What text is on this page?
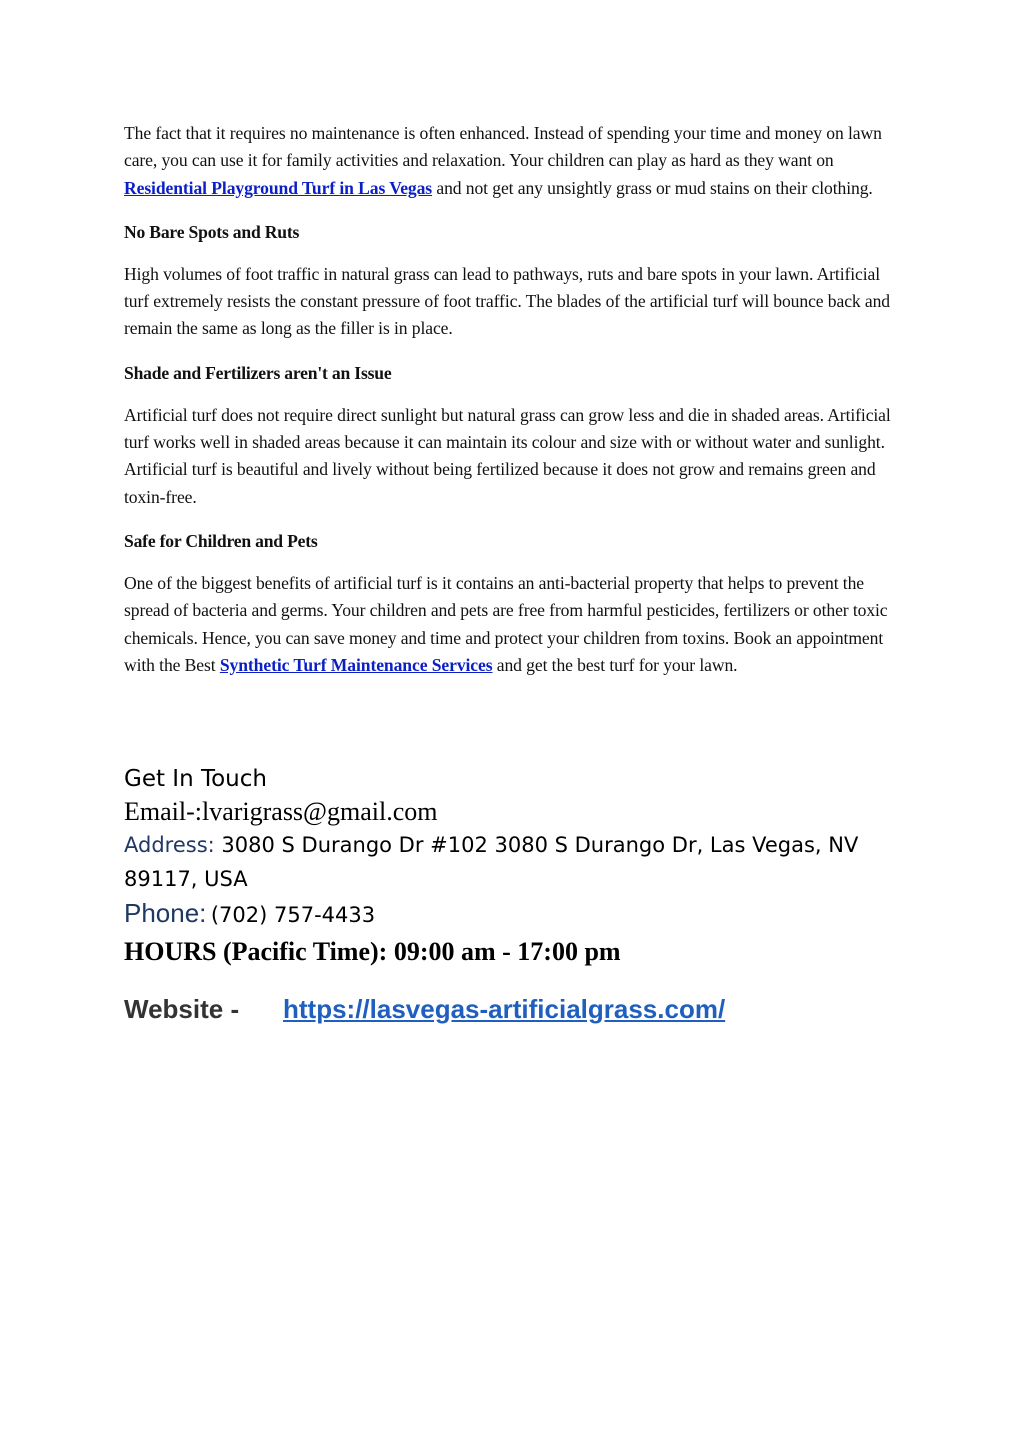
The fact that it requires no maintenance is often enhanced. Instead of spending your time and money on lawn care, you can use it for family activities and relaxation. Your children can play as hard as they want on Residential Playground Turf in Las Vegas and not get any unsightly grass or mud stains on their clothing.

No Bare Spots and Ruts

High volumes of foot traffic in natural grass can lead to pathways, ruts and bare spots in your lawn. Artificial turf extremely resists the constant pressure of foot traffic. The blades of the artificial turf will bounce back and remain the same as long as the filler is in place.

Shade and Fertilizers aren't an Issue

Artificial turf does not require direct sunlight but natural grass can grow less and die in shaded areas. Artificial turf works well in shaded areas because it can maintain its colour and size with or without water and sunlight. Artificial turf is beautiful and lively without being fertilized because it does not grow and remains green and toxin-free.

Safe for Children and Pets

One of the biggest benefits of artificial turf is it contains an anti-bacterial property that helps to prevent the spread of bacteria and germs. Your children and pets are free from harmful pesticides, fertilizers or other toxic chemicals. Hence, you can save money and time and protect your children from toxins. Book an appointment with the Best Synthetic Turf Maintenance Services and get the best turf for your lawn.

Get In Touch

Email-:lvarigrass@gmail.com

Address: 3080 S Durango Dr #102 3080 S Durango Dr, Las Vegas, NV 89117, USA

Phone: (702) 757-4433

HOURS (Pacific Time): 09:00 am - 17:00 pm

Website - https://lasvegas-artificialgrass.com/
